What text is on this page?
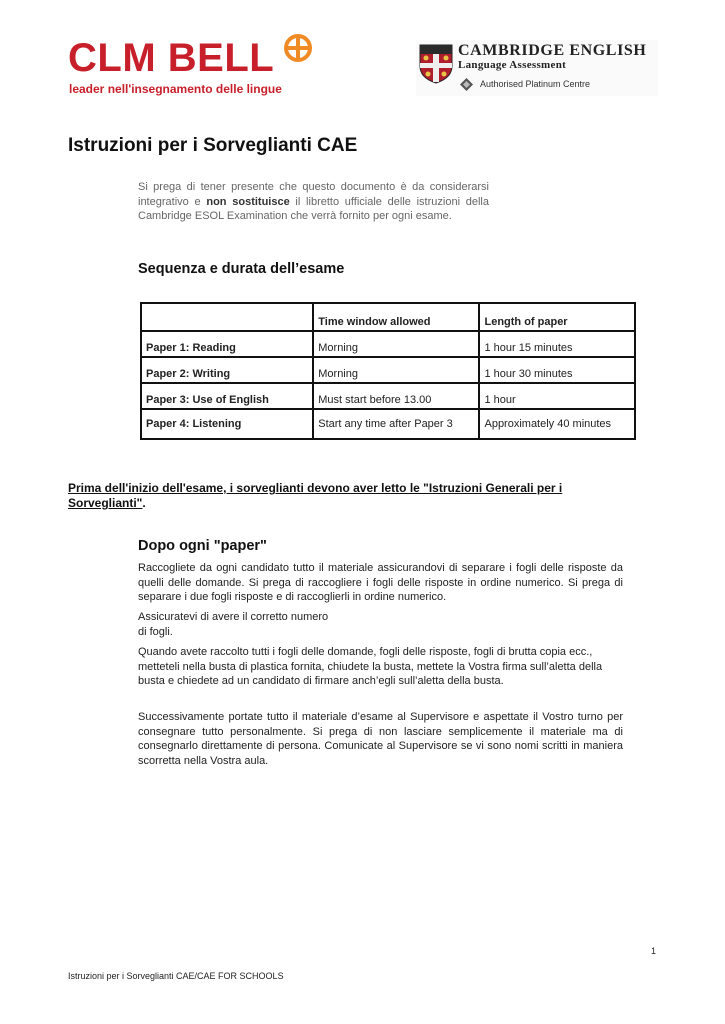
CLM BELL
leader nell'insegnamento delle lingue
CAMBRIDGE ENGLISH
Language Assessment
Authorised Platinum Centre
Istruzioni per i Sorveglianti CAE

Si prega di tener presente che questo documento è da considerarsi integrativo e non sostituisce il libretto ufficiale delle istruzioni della Cambridge ESOL Examination che verrà fornito per ogni esame.

Sequenza e durata dell’esame
	Time window allowed	Length of paper
Paper 1: Reading	Morning	1 hour 15 minutes
Paper 2: Writing	Morning	1 hour 30 minutes
Paper 3: Use of English	Must start before 13.00	1 hour
Paper 4: Listening	Start any time after Paper 3	Approximately 40 minutes

Prima dell'inizio dell'esame, i sorveglianti devono aver letto le "Istruzioni Generali per i Sorveglianti".

Dopo ogni "paper"

Raccogliete da ogni candidato tutto il materiale assicurandovi di separare i fogli delle risposte da quelli delle domande. Si prega di raccogliere i fogli delle risposte in ordine numerico. Si prega di separare i due fogli risposte e di raccoglierli in ordine numerico.

Assicuratevi di avere il corretto numero di fogli.

Quando avete raccolto tutti i fogli delle domande, fogli delle risposte, fogli di brutta copia ecc., metteteli nella busta di plastica fornita, chiudete la busta, mettete la Vostra firma sull’aletta della busta e chiedete ad un candidato di firmare anch’egli sull’aletta della busta.

Successivamente portate tutto il materiale d’esame al Supervisore e aspettate il Vostro turno per consegnare tutto personalmente. Si prega di non lasciare semplicemente il materiale ma di consegnarlo direttamente di persona. Comunicate al Supervisore se vi sono nomi scritti in maniera scorretta nella Vostra aula.

1
Istruzioni per i Sorveglianti CAE/CAE FOR SCHOOLS
